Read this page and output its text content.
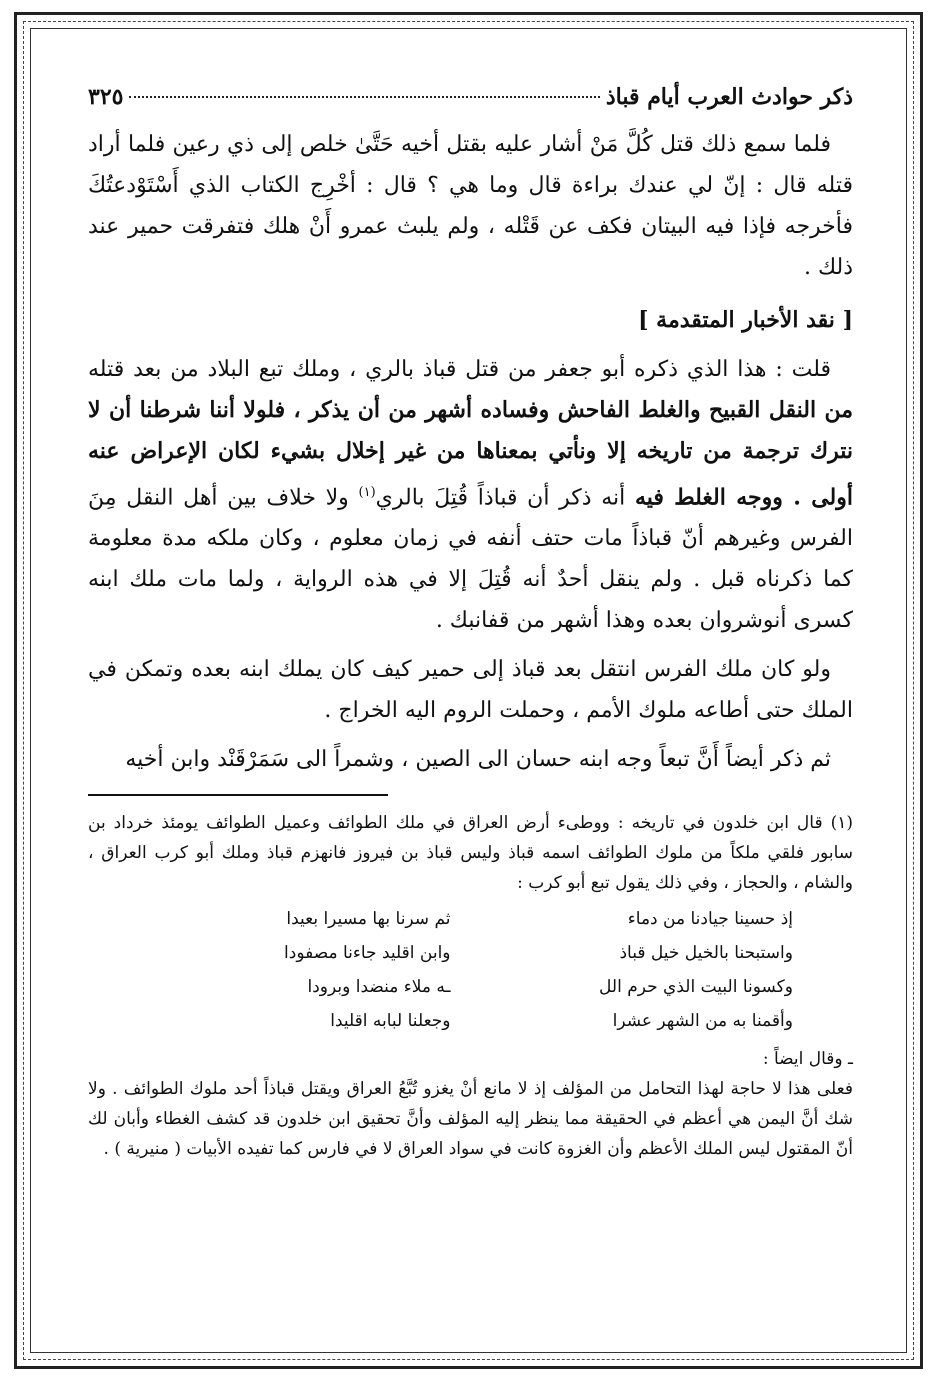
ذكر حوادث العرب أيام قباذ
٣٢٥

فلما سمع ذلك قتل كُلَّ مَنْ أشار عليه بقتل أخيه حَتَّىٰ خلص إلى ذي رعين فلما أراد قتله قال : إنّ لي عندك براءة قال وما هي ؟ قال : أخْرِج الكتاب الذي أَسْتَوْدعتُكَ فأخرجه فإذا فيه البيتان فكف عن قَتْله ، ولم يلبث عمرو أَنْ هلك فتفرقت حمير عند ذلك .

[ نقد الأخبار المتقدمة ]

قلت : هذا الذي ذكره أبو جعفر من قتل قباذ بالري ، وملك تبع البلاد من بعد قتله من النقل القبيح والغلط الفاحش وفساده أشهر من أن يذكر ، فلولا أننا شرطنا أن لا نترك ترجمة من تاريخه إلا ونأتي بمعناها من غير إخلال بشيء لكان الإعراض عنه أولى . ووجه الغلط فيه أنه ذكر أن قباذاً قُتِلَ بالري$^{(١)}$ ولا خلاف بين أهل النقل مِنَ الفرس وغيرهم أنّ قباذاً مات حتف أنفه في زمان معلوم ، وكان ملكه مدة معلومة كما ذكرناه قبل . ولم ينقل أحدٌ أنه قُتِلَ إلا في هذه الرواية ، ولما مات ملك ابنه كسرى أنوشروان بعده وهذا أشهر من قفانبك .

ولو كان ملك الفرس انتقل بعد قباذ إلى حمير كيف كان يملك ابنه بعده وتمكن في الملك حتى أطاعه ملوك الأمم ، وحملت الروم اليه الخراج .

ثم ذكر أيضاً أَنَّ تبعاً وجه ابنه حسان الى الصين ، وشمراً الى سَمَرْقَنْد وابن أخيه

(١) قال ابن خلدون في تاريخه : ووطىء أرض العراق في ملك الطوائف وعميل الطوائف يومئذ خرداد بن سابور فلقي ملكاً من ملوك الطوائف اسمه قباذ وليس قباذ بن فيروز فانهزم قباذ وملك أبو كرب العراق ، والشام ، والحجاز ، وفي ذلك يقول تبع أبو كرب :

إذ حسينا جيادنا من دماء
ثم سرنا بها مسيرا بعيدا
واستبحنا بالخيل خيل قباذ
وابن اقليد جاءنا مصفودا
وكسونا البيت الذي حرم الل
ـه ملاء منضدا وبرودا
وأقمنا به من الشهر عشرا
وجعلنا لبابه اقليدا

ـ وقال ايضاً :

فعلى هذا لا حاجة لهذا التحامل من المؤلف إذ لا مانع أنْ يغزو تُبَّعُ العراق ويقتل قباذاً أحد ملوك الطوائف . ولا شك أنَّ اليمن هي أعظم في الحقيقة مما ينظر إليه المؤلف وأنَّ تحقيق ابن خلدون قد كشف الغطاء وأبان لك أنّ المقتول ليس الملك الأعظم وأن الغزوة كانت في سواد العراق لا في فارس كما تفيده الأبيات ( منيرية ) .
